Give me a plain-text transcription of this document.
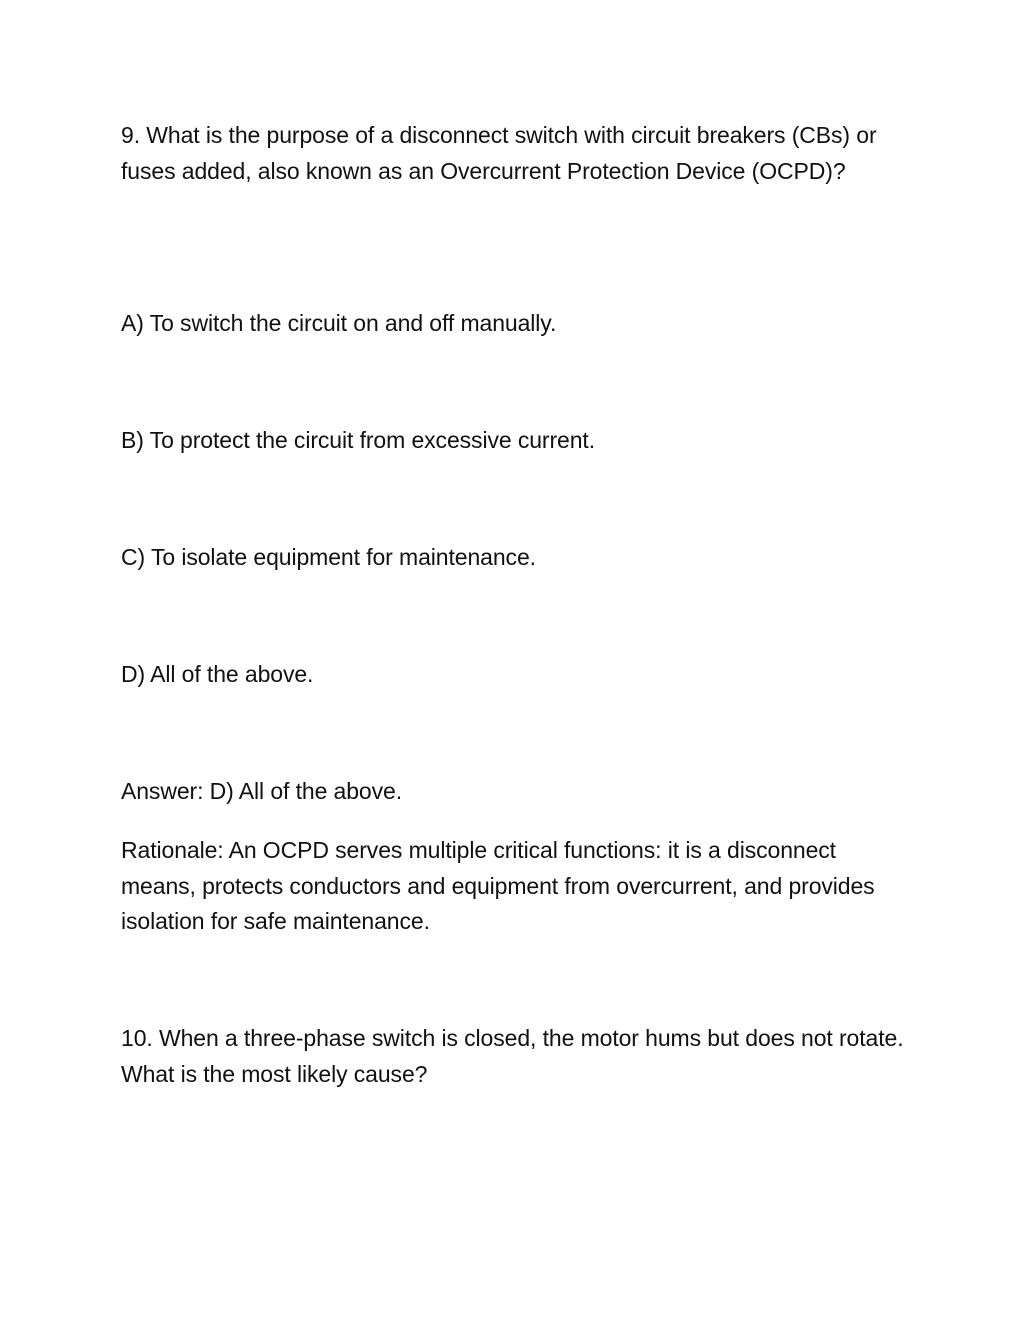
9. What is the purpose of a disconnect switch with circuit breakers (CBs) or fuses added, also known as an Overcurrent Protection Device (OCPD)?

A) To switch the circuit on and off manually.

B) To protect the circuit from excessive current.

C) To isolate equipment for maintenance.

D) All of the above.

Answer: D) All of the above.

Rationale: An OCPD serves multiple critical functions: it is a disconnect means, protects conductors and equipment from overcurrent, and provides isolation for safe maintenance.

10. When a three-phase switch is closed, the motor hums but does not rotate. What is the most likely cause?
